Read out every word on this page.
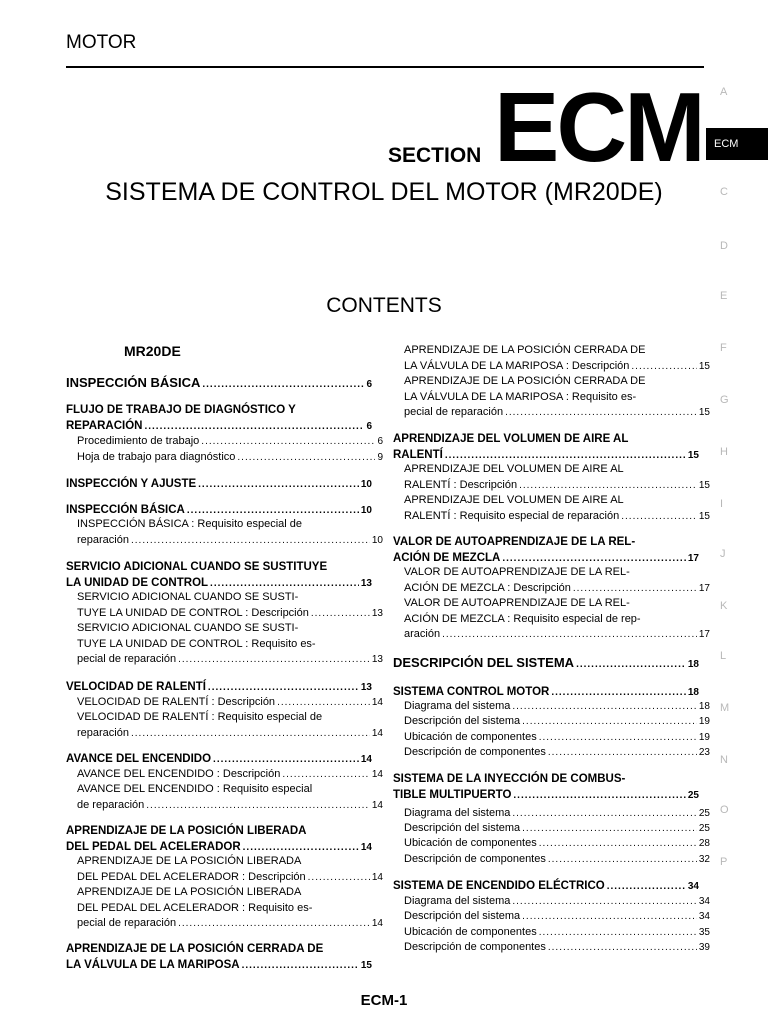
MOTOR
SECTION ECM
SISTEMA DE CONTROL DEL MOTOR (MR20DE)
CONTENTS
A
ECM
C
D
E
F
G
H
I
J
K
L
M
N
O
P
MR20DE
INSPECCIÓN BÁSICA .....	6
FLUJO DE TRABAJO DE DIAGNÓSTICO Y
REPARACIÓN .....	6
Procedimiento de trabajo .....	6
Hoja de trabajo para diagnóstico .....	9
INSPECCIÓN Y AJUSTE .....	10
INSPECCIÓN BÁSICA .....	10
INSPECCIÓN BÁSICA : Requisito especial de
reparación .....	10
SERVICIO ADICIONAL CUANDO SE SUSTITUYE
LA UNIDAD DE CONTROL .....	13
SERVICIO ADICIONAL CUANDO SE SUSTI-
TUYE LA UNIDAD DE CONTROL : Descripción .....	13
SERVICIO ADICIONAL CUANDO SE SUSTI-
TUYE LA UNIDAD DE CONTROL : Requisito es-
pecial de reparación .....	13
VELOCIDAD DE RALENTÍ .....	13
VELOCIDAD DE RALENTÍ : Descripción .....	14
VELOCIDAD DE RALENTÍ : Requisito especial de
reparación .....	14
AVANCE DEL ENCENDIDO .....	14
AVANCE DEL ENCENDIDO : Descripción .....	14
AVANCE DEL ENCENDIDO : Requisito especial
de reparación .....	14
APRENDIZAJE DE LA POSICIÓN LIBERADA
DEL PEDAL DEL ACELERADOR .....	14
APRENDIZAJE DE LA POSICIÓN LIBERADA
DEL PEDAL DEL ACELERADOR : Descripción .....	14
APRENDIZAJE DE LA POSICIÓN LIBERADA
DEL PEDAL DEL ACELERADOR : Requisito es-
pecial de reparación .....	14
APRENDIZAJE DE LA POSICIÓN CERRADA DE
LA VÁLVULA DE LA MARIPOSA .....	15
APRENDIZAJE DE LA POSICIÓN CERRADA DE
LA VÁLVULA DE LA MARIPOSA : Descripción .....	15
APRENDIZAJE DE LA POSICIÓN CERRADA DE
LA VÁLVULA DE LA MARIPOSA : Requisito es-
pecial de reparación .....	15
APRENDIZAJE DEL VOLUMEN DE AIRE AL
RALENTÍ .....	15
APRENDIZAJE DEL VOLUMEN DE AIRE AL
RALENTÍ : Descripción .....	15
APRENDIZAJE DEL VOLUMEN DE AIRE AL
RALENTÍ : Requisito especial de reparación .....	15
VALOR DE AUTOAPRENDIZAJE DE LA REL-
ACIÓN DE MEZCLA .....	17
VALOR DE AUTOAPRENDIZAJE DE LA REL-
ACIÓN DE MEZCLA : Descripción .....	17
VALOR DE AUTOAPRENDIZAJE DE LA REL-
ACIÓN DE MEZCLA : Requisito especial de rep-
aración .....	17
DESCRIPCIÓN DEL SISTEMA .....	18
SISTEMA CONTROL MOTOR .....	18
Diagrama del sistema .....	18
Descripción del sistema .....	19
Ubicación de componentes .....	19
Descripción de componentes .....	23
SISTEMA DE LA INYECCIÓN DE COMBUS-
TIBLE MULTIPUERTO .....	25
Diagrama del sistema .....	25
Descripción del sistema .....	25
Ubicación de componentes .....	28
Descripción de componentes .....	32
SISTEMA DE ENCENDIDO ELÉCTRICO .....	34
Diagrama del sistema .....	34
Descripción del sistema .....	34
Ubicación de componentes .....	35
Descripción de componentes .....	39
ECM-1
